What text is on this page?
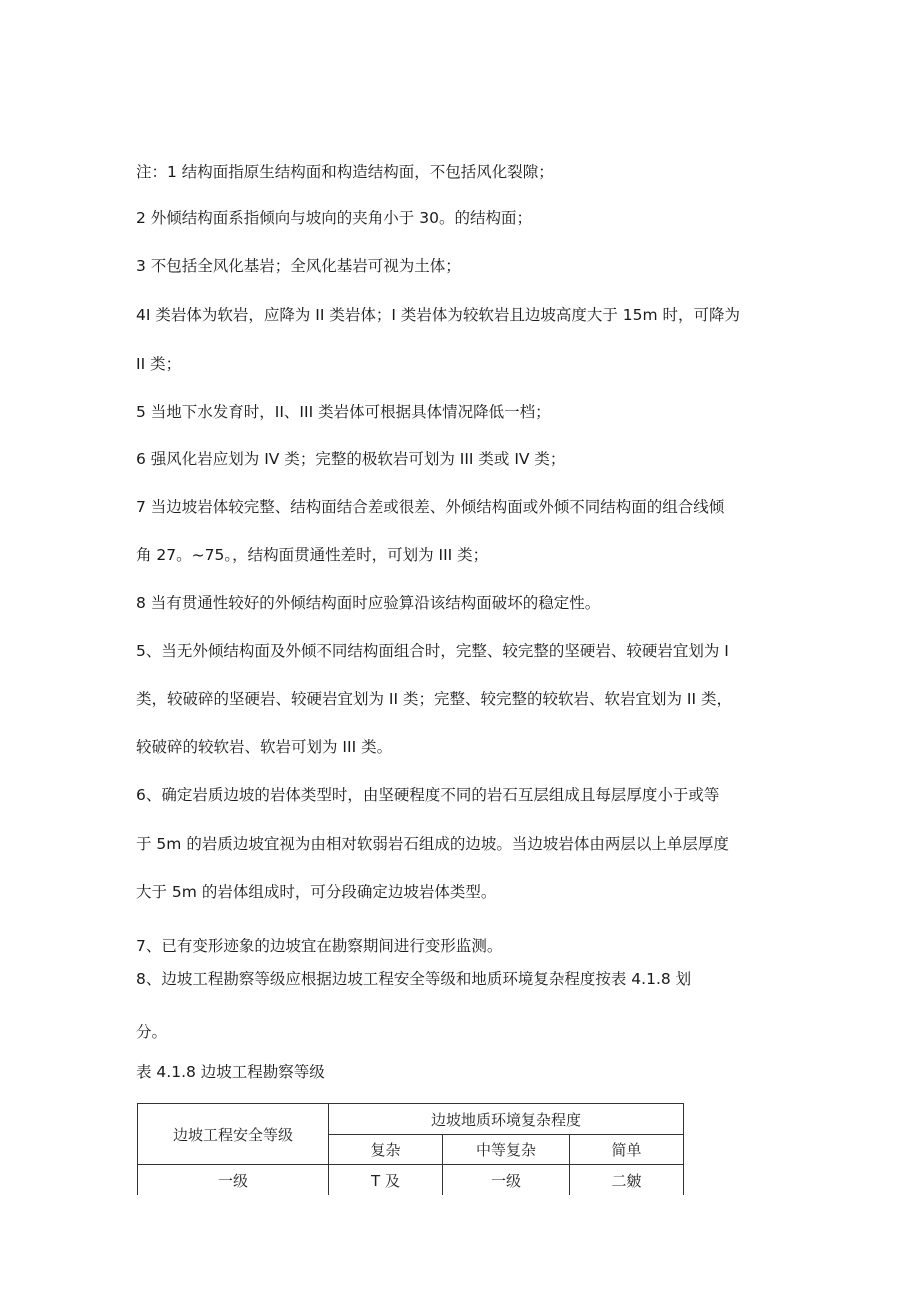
注：1 结构面指原生结构面和构造结构面，不包括风化裂隙；

2 外倾结构面系指倾向与坡向的夹角小于 30。的结构面；

3 不包括全风化基岩；全风化基岩可视为土体；

4I 类岩体为软岩，应降为 II 类岩体；I 类岩体为较软岩且边坡高度大于 15m 时，可降为

II 类；

5 当地下水发育时，II、III 类岩体可根据具体情况降低一档；

6 强风化岩应划为 IV 类；完整的极软岩可划为 III 类或 IV 类；

7 当边坡岩体较完整、结构面结合差或很差、外倾结构面或外倾不同结构面的组合线倾

角 27。~75。，结构面贯通性差时，可划为 III 类；

8 当有贯通性较好的外倾结构面时应验算沿该结构面破坏的稳定性。

5、当无外倾结构面及外倾不同结构面组合时，完整、较完整的坚硬岩、较硬岩宜划为 I

类，较破碎的坚硬岩、较硬岩宜划为 II 类；完整、较完整的较软岩、软岩宜划为 II 类，

较破碎的较软岩、软岩可划为 III 类。

6、确定岩质边坡的岩体类型时，由坚硬程度不同的岩石互层组成且每层厚度小于或等

于 5m 的岩质边坡宜视为由相对软弱岩石组成的边坡。当边坡岩体由两层以上单层厚度

大于 5m 的岩体组成时，可分段确定边坡岩体类型。

7、已有变形迹象的边坡宜在勘察期间进行变形监测。

8、边坡工程勘察等级应根据边坡工程安全等级和地质环境复杂程度按表 4.1.8 划

分。

表 4.1.8 边坡工程勘察等级
边坡工程安全等级	边坡地质环境复杂程度		
	复杂	中等复杂	简单
一级	T 及	一级	二皴
